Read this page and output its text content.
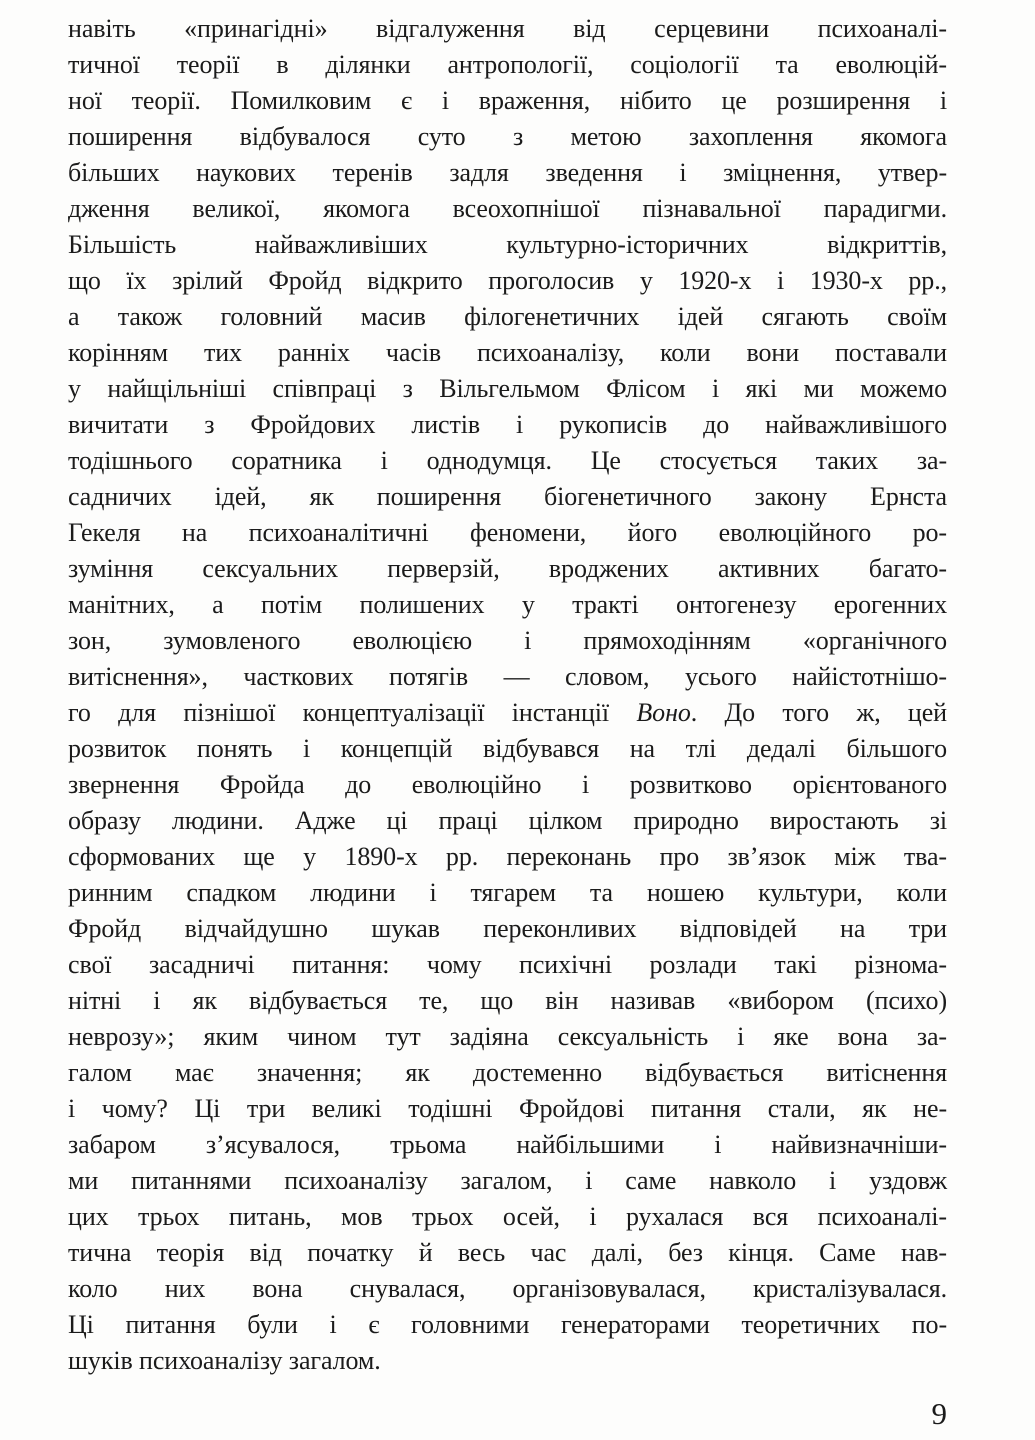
навіть «принагідні» відгалуження від серцевини психоаналі-
тичної теорії в ділянки антропології, соціології та еволюцій-
ної теорії. Помилковим є і враження, нібито це розширення і
поширення відбувалося суто з метою захоплення якомога
більших наукових теренів задля зведення і зміцнення, утвер-
дження великої, якомога всеохопнішої пізнавальної парадигми.
Більшість найважливіших культурно-історичних відкриттів,
що їх зрілий Фройд відкрито проголосив у 1920-х і 1930-х рр.,
а також головний масив філогенетичних ідей сягають своїм
корінням тих ранніх часів психоаналізу, коли вони поставали
у найщільніші співпраці з Вільгельмом Флісом і які ми можемо
вичитати з Фройдових листів і рукописів до найважливішого
тодішнього соратника і однодумця. Це стосується таких за-
садничих ідей, як поширення біогенетичного закону Ернста
Гекеля на психоаналітичні феномени, його еволюційного ро-
зуміння сексуальних перверзій, вроджених активних багато-
манітних, а потім полишених у тракті онтогенезу ерогенних
зон, зумовленого еволюцією і прямоходінням «органічного
витіснення», часткових потягів — словом, усього найістотнішо-
го для пізнішої концептуалізації інстанції Воно. До того ж, цей
розвиток понять і концепцій відбувався на тлі дедалі більшого
звернення Фройда до еволюційно і розвитково орієнтованого
образу людини. Адже ці праці цілком природно виростають зі
сформованих ще у 1890-х рр. переконань про зв’язок між тва-
ринним спадком людини і тягарем та ношею культури, коли
Фройд відчайдушно шукав переконливих відповідей на три
свої засадничі питання: чому психічні розлади такі різнома-
нітні і як відбувається те, що він називав «вибором (психо)
неврозу»; яким чином тут задіяна сексуальність і яке вона за-
галом має значення; як достеменно відбувається витіснення
і чому? Ці три великі тодішні Фройдові питання стали, як не-
забаром з’ясувалося, трьома найбільшими і найвизначніши-
ми питаннями психоаналізу загалом, і саме навколо і уздовж
цих трьох питань, мов трьох осей, і рухалася вся психоаналі-
тична теорія від початку й весь час далі, без кінця. Саме нав-
коло них вона снувалася, організовувалася, кристалізувалася.
Ці питання були і є головними генераторами теоретичних по-
шуків психоаналізу загалом.
9
